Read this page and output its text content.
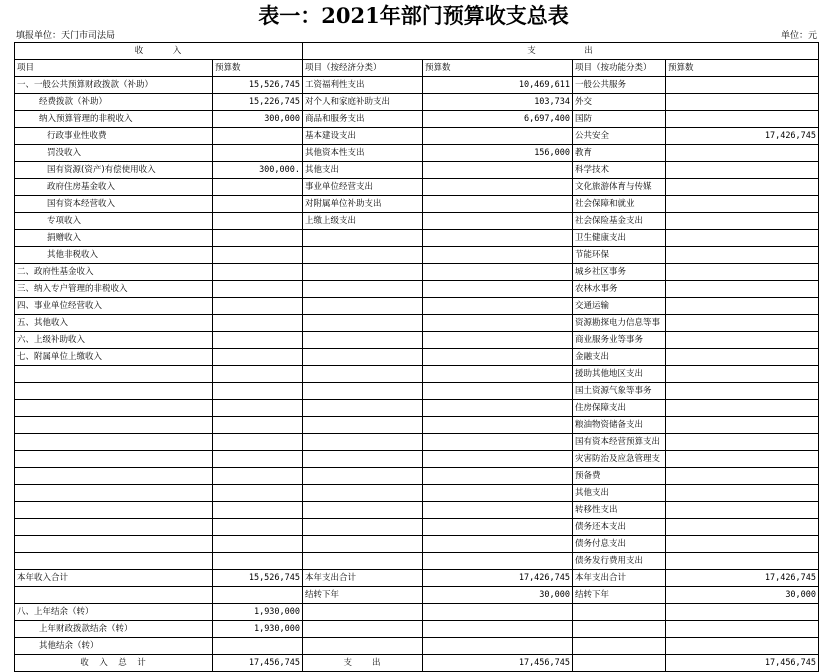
表一：2021年部门预算收支总表
填报单位：天门市司法局	单位：元
收　　　入		支　　　　　出			
项目	预算数	项目（按经济分类）	预算数	项目（按功能分类）	预算数
一、一般公共预算财政拨款（补助）	15,526,745	工资福利性支出	10,469,611	一般公共服务	
经费拨款（补助）	15,226,745	对个人和家庭补助支出	103,734	外交	
纳入预算管理的非税收入	300,000	商品和服务支出	6,697,400	国防	
行政事业性收费		基本建设支出		公共安全	17,426,745
罚没收入		其他资本性支出	156,000	教育	
国有资源(资产)有偿使用收入	300,000.	其他支出		科学技术	
政府住房基金收入		事业单位经营支出		文化旅游体育与传媒	
国有资本经营收入		对附属单位补助支出		社会保障和就业	
专项收入		上缴上级支出		社会保险基金支出	
捐赠收入				卫生健康支出	
其他非税收入				节能环保	
二、政府性基金收入				城乡社区事务	
三、纳入专户管理的非税收入				农林水事务	
四、事业单位经营收入				交通运输	
五、其他收入				资源勘探电力信息等事	
六、上级补助收入				商业服务业等事务	
七、附属单位上缴收入				金融支出	
				援助其他地区支出	
				国土资源气象等事务	
				住房保障支出	
				粮油物资储备支出	
				国有资本经营预算支出	
				灾害防治及应急管理支	
				预备费	
				其他支出	
				转移性支出	
				债务还本支出	
				债务付息支出	
				债务发行费用支出	
本年收入合计	15,526,745	本年支出合计	17,426,745	本年支出合计	17,426,745
		结转下年	30,000	结转下年	30,000
八、上年结余（转）	1,930,000				
上年财政拨款结余（转）	1,930,000				
其他结余（转）					
收　入　总　计	17,456,745	支　　出	17,456,745		17,456,745
